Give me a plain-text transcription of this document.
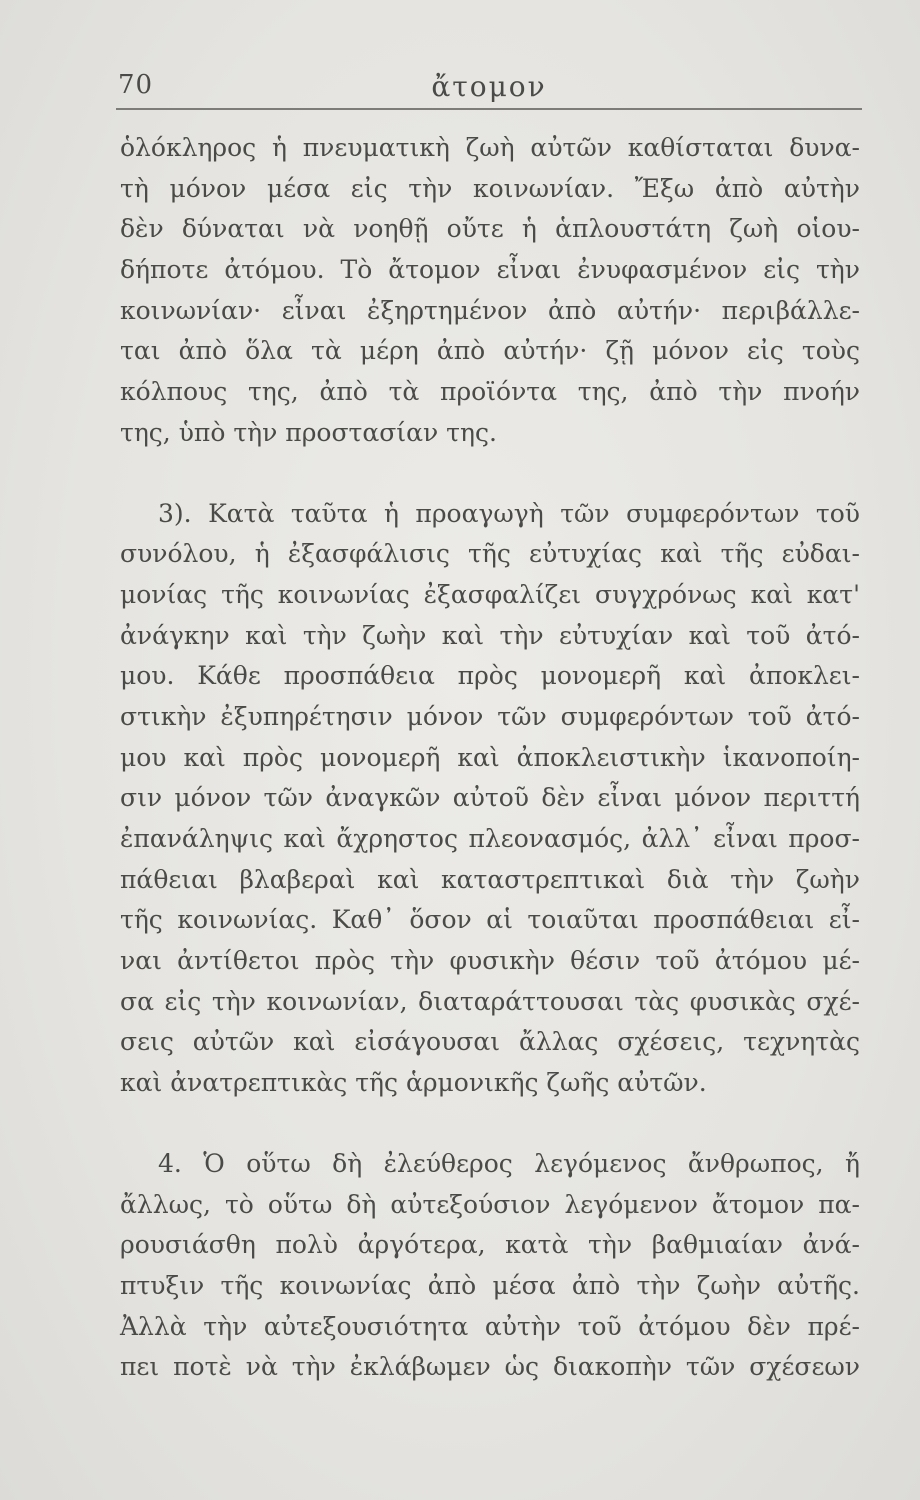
70	ἄτομον
ὁλόκληρος ἡ πνευματικὴ ζωὴ αὐτῶν καθίσταται δυνα-
τὴ μόνον μέσα εἰς τὴν κοινωνίαν. Ἔξω ἀπὸ αὐτὴν
δὲν δύναται νὰ νοηθῇ οὔτε ἡ ἁπλουστάτη ζωὴ οἱου-
δήποτε ἀτόμου. Τὸ ἄτομον εἶναι ἐνυφασμένον εἰς τὴν
κοινωνίαν· εἶναι ἐξηρτημένον ἀπὸ αὐτήν· περιβάλλε-
ται ἀπὸ ὅλα τὰ μέρη ἀπὸ αὐτήν· ζῇ μόνον εἰς τοὺς
κόλπους της, ἀπὸ τὰ προϊόντα της, ἀπὸ τὴν πνοήν
της, ὑπὸ τὴν προστασίαν της.
3). Κατὰ ταῦτα ἡ προαγωγὴ τῶν συμφερόντων τοῦ
συνόλου, ἡ ἐξασφάλισις τῆς εὐτυχίας καὶ τῆς εὐδαι-
μονίας τῆς κοινωνίας ἐξασφαλίζει συγχρόνως καὶ κατ'
ἀνάγκην καὶ τὴν ζωὴν καὶ τὴν εὐτυχίαν καὶ τοῦ ἀτό-
μου. Κάθε προσπάθεια πρὸς μονομερῆ καὶ ἀποκλει-
στικὴν ἐξυπηρέτησιν μόνον τῶν συμφερόντων τοῦ ἀτό-
μου καὶ πρὸς μονομερῆ καὶ ἀποκλειστικὴν ἱκανοποίη-
σιν μόνον τῶν ἀναγκῶν αὐτοῦ δὲν εἶναι μόνον περιττή
ἐπανάληψις καὶ ἄχρηστος πλεονασμός, ἀλλ᾽ εἶναι προσ-
πάθειαι βλαβεραὶ καὶ καταστρεπτικαὶ διὰ τὴν ζωὴν
τῆς κοινωνίας. Καθ᾽ ὅσον αἱ τοιαῦται προσπάθειαι εἶ-
ναι ἀντίθετοι πρὸς τὴν φυσικὴν θέσιν τοῦ ἀτόμου μέ-
σα εἰς τὴν κοινωνίαν, διαταράττουσαι τὰς φυσικὰς σχέ-
σεις αὐτῶν καὶ εἰσάγουσαι ἄλλας σχέσεις, τεχνητὰς
καὶ ἀνατρεπτικὰς τῆς ἁρμονικῆς ζωῆς αὐτῶν.
4. Ὁ οὕτω δὴ ἐλεύθερος λεγόμενος ἄνθρωπος, ἤ
ἄλλως, τὸ οὕτω δὴ αὐτεξούσιον λεγόμενον ἄτομον πα-
ρουσιάσθη πολὺ ἀργότερα, κατὰ τὴν βαθμιαίαν ἀνά-
πτυξιν τῆς κοινωνίας ἀπὸ μέσα ἀπὸ τὴν ζωὴν αὐτῆς.
Ἀλλὰ τὴν αὐτεξουσιότητα αὐτὴν τοῦ ἀτόμου δὲν πρέ-
πει ποτὲ νὰ τὴν ἐκλάβωμεν ὡς διακοπὴν τῶν σχέσεων
